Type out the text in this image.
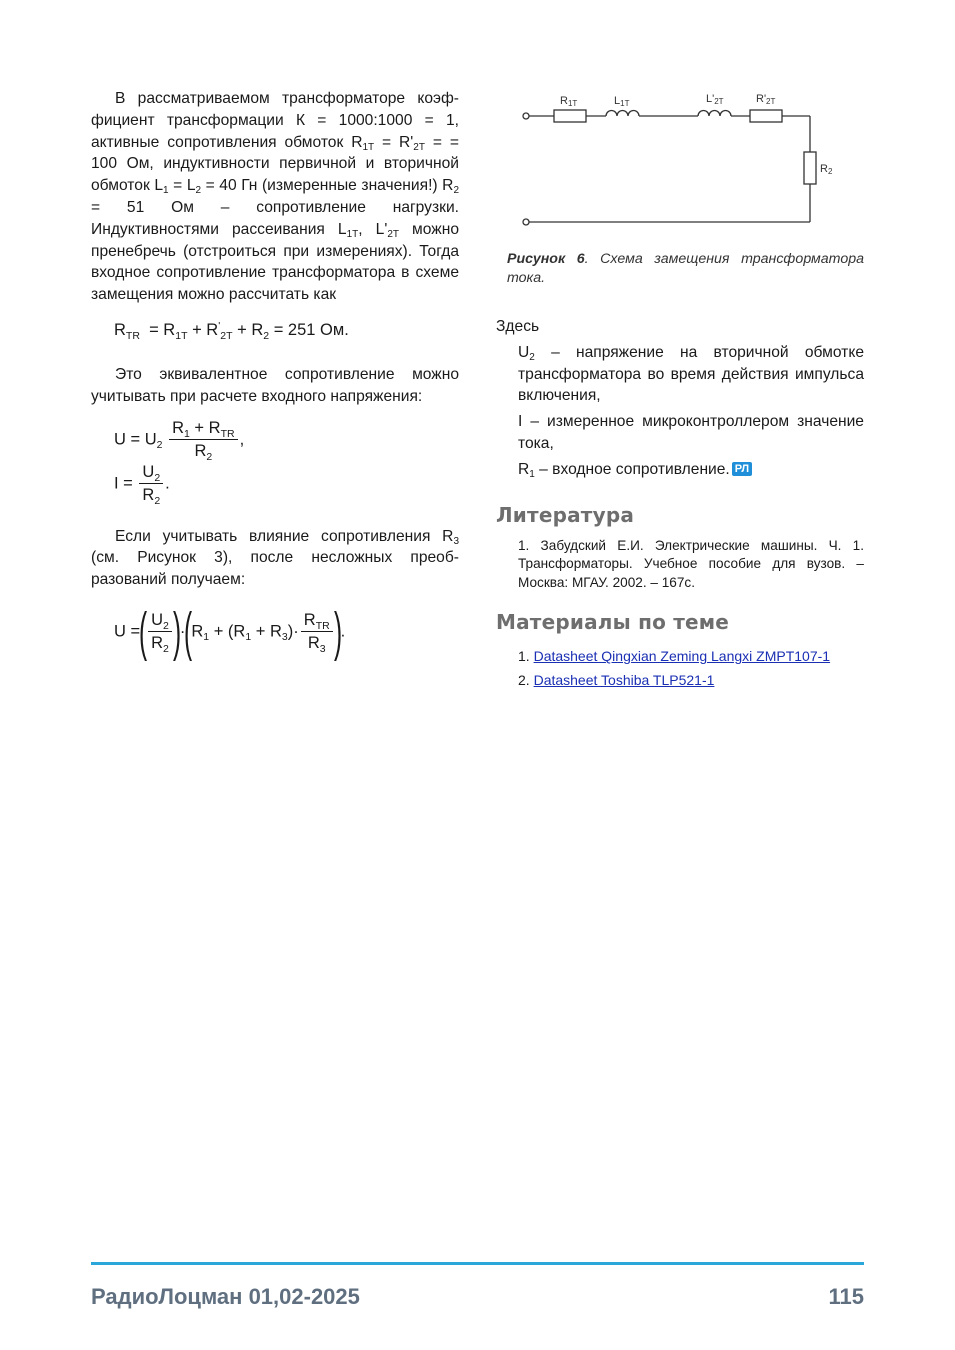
В рассматриваемом трансформаторе коэффициент трансформации К = 1000:1000 = 1, активные сопротивления обмоток $R_{1T} = R'_{2T}$ = = 100 Ом, индуктивности первичной и вторичной обмоток $L_1 = L_2 = 40$ Гн (измеренные значения!) $R_2 = 51$ Ом – сопротивление нагрузки. Индуктивностями рассеивания $L_{1T}$, $L'_{2T}$ можно пренебречь (отстроиться при измерениях). Тогда входное сопротивление трансформатора в схеме замещения можно рассчитать как

$R_{TR} = R_{1T} + R'_{2T} + R_2 = 251$ Ом.

Это эквивалентное сопротивление можно учитывать при расчете входного напряжения:

$U = U_2 \frac{R_1 + R_{TR}}{R_2}$ ,
$I = \frac{U_2}{R_2}$ .

Если учитывать влияние сопротивления $R_3$ (см. Рисунок 3), после несложных преобразований получаем:

U =( $\frac{U_2}{R_2} )\cdot(R_1 + (R_1 + R_3)\cdot \frac{R_{TR}}{R_3}$ ).
R1T	L1T	L'2T	R'2T
R2
Рисунок 6. Схема замещения трансформатора тока.

Здесь

$U_2$ – напряжение на вторичной обмотке трансформатора во время действия импульса включения,

I – измеренное микроконтроллером значение тока,

$R_1$ – входное сопротивление. РЛ

Литература
1. Забудский Е.И. Электрические машины. Ч. 1. Трансформаторы. Учебное пособие для вузов. – Москва: МГАУ. 2002. – 167с.
Материалы по теме
1. Datasheet Qingxian Zeming Langxi ZMPT107-1
2. Datasheet Toshiba TLP521-1
РадиоЛоцман 01,02-2025	115
